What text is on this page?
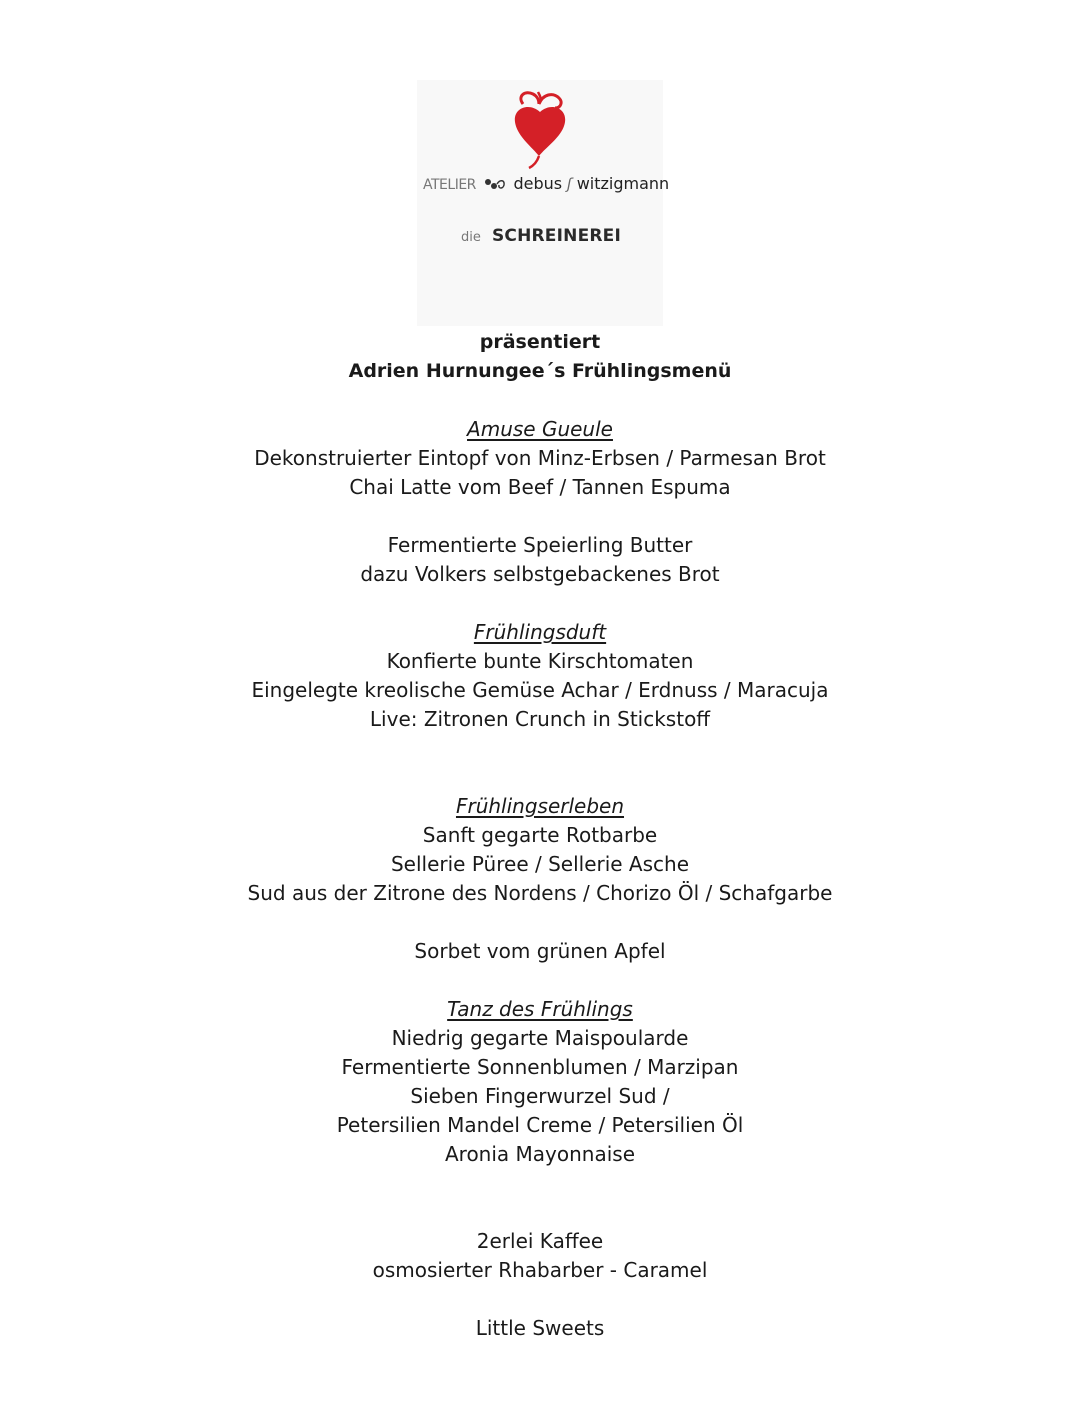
ATELIER debus ʃ witzigmann
die SCHREINEREI
präsentiert
Adrien Hurnungee´s Frühlingsmenü
Amuse Gueule
Dekonstruierter Eintopf von Minz-Erbsen / Parmesan Brot
Chai Latte vom Beef / Tannen Espuma
Fermentierte Speierling Butter
dazu Volkers selbstgebackenes Brot
Frühlingsduft
Konfierte bunte Kirschtomaten
Eingelegte kreolische Gemüse Achar / Erdnuss / Maracuja
Live: Zitronen Crunch in Stickstoff
Frühlingserleben
Sanft gegarte Rotbarbe
Sellerie Püree / Sellerie Asche
Sud aus der Zitrone des Nordens / Chorizo Öl / Schafgarbe
Sorbet vom grünen Apfel
Tanz des Frühlings
Niedrig gegarte Maispoularde
Fermentierte Sonnenblumen / Marzipan
Sieben Fingerwurzel Sud /
Petersilien Mandel Creme / Petersilien Öl
Aronia Mayonnaise
2erlei Kaffee
osmosierter Rhabarber - Caramel
Little Sweets
